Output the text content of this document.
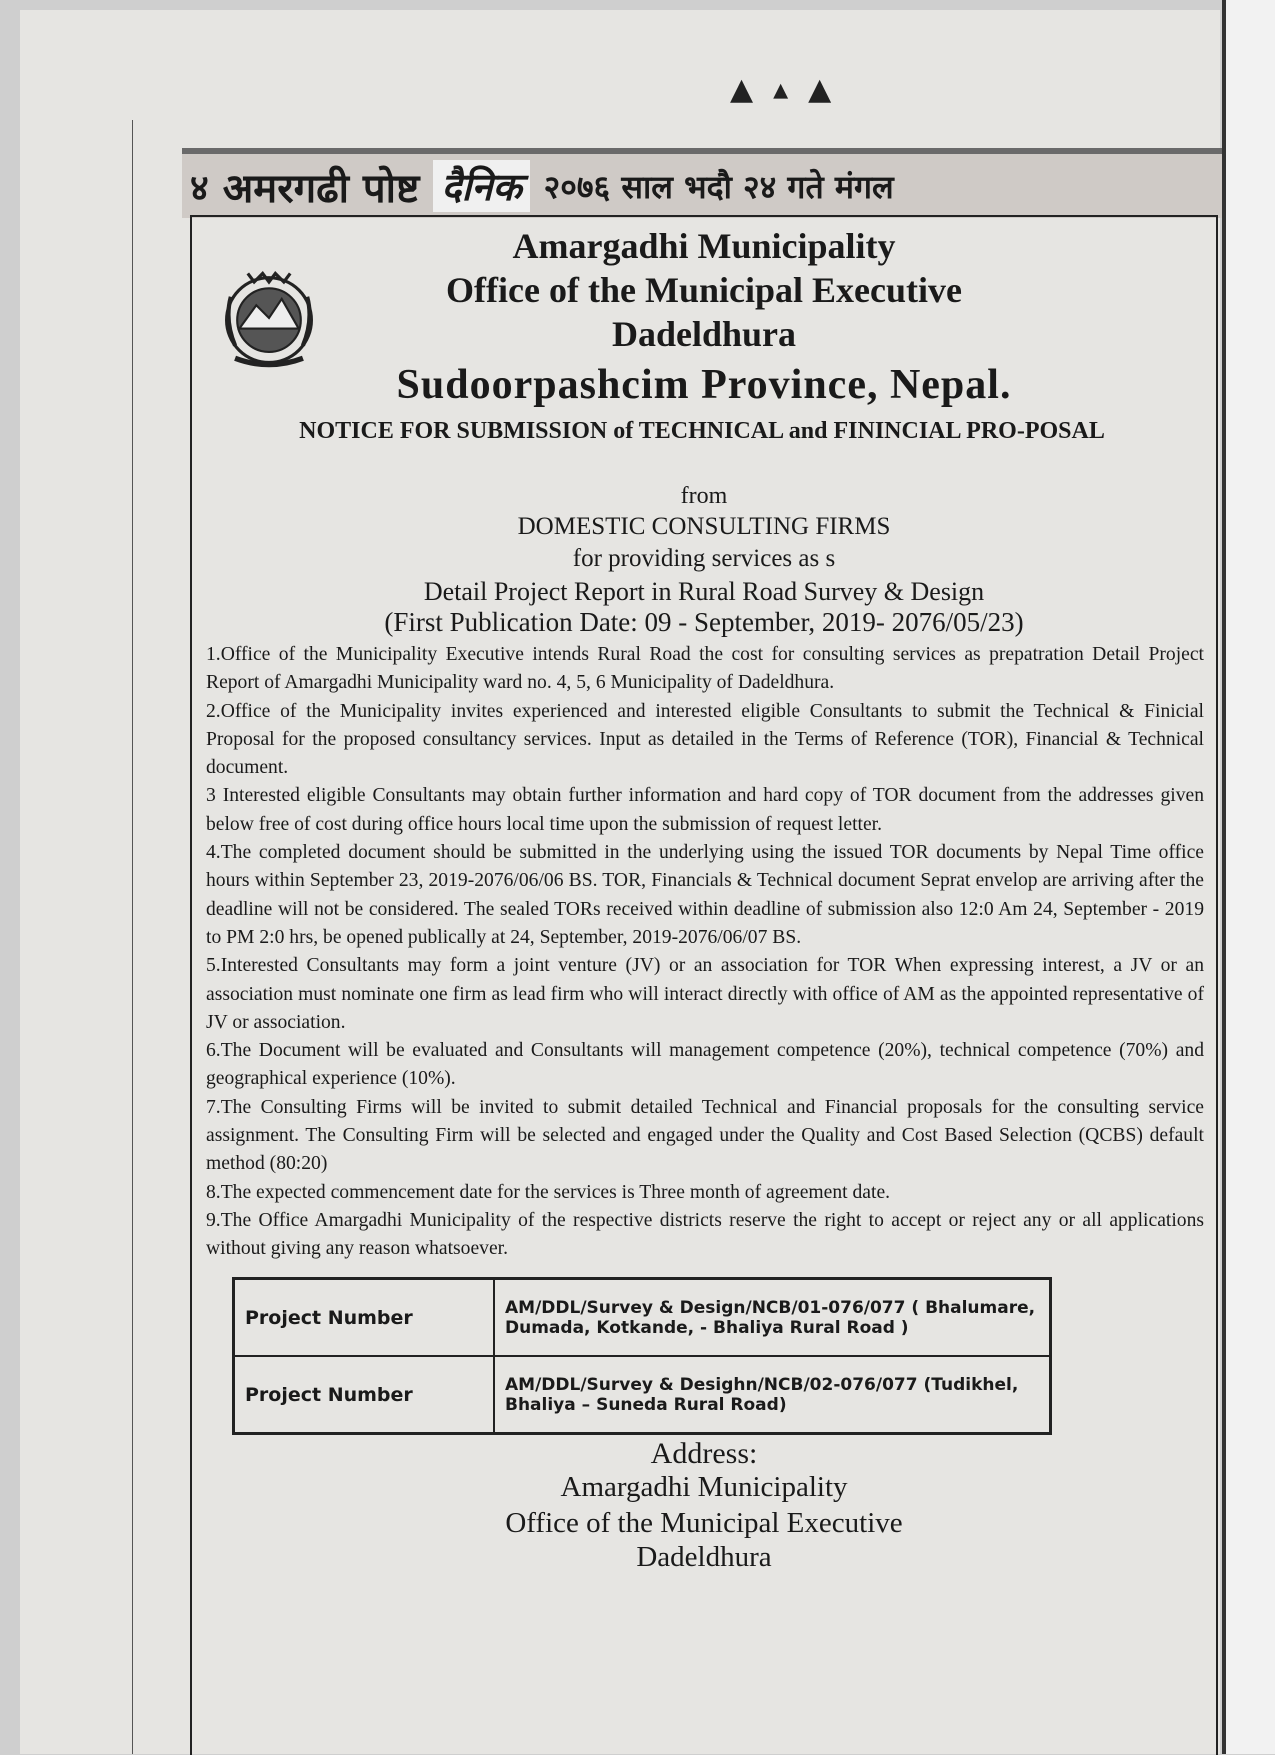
▲▴▲
४ अमरगढी पोष्ट दैनिक २०७६ साल भदौ २४ गते मंगल
Amargadhi Municipality
Office of the Municipal Executive
Dadeldhura
Sudoorpashcim Province, Nepal.
NOTICE FOR SUBMISSION of TECHNICAL and FININCIAL PRO-POSAL
from
DOMESTIC CONSULTING FIRMS
for providing services as s
Detail Project Report in Rural Road Survey & Design
(First Publication Date: 09 - September, 2019- 2076/05/23)

1.Office of the Municipality Executive intends Rural Road the cost for consulting services as prepatration Detail Project Report of Amargadhi Municipality ward no. 4, 5, 6 Municipality of Dadeldhura.

2.Office of the Municipality invites experienced and interested eligible Consultants to submit the Technical & Finicial Proposal for the proposed consultancy services. Input as detailed in the Terms of Reference (TOR), Financial & Technical document.

3 Interested eligible Consultants may obtain further information and hard copy of TOR document from the addresses given below free of cost during office hours local time upon the submission of request letter.

4.The completed document should be submitted in the underlying using the issued TOR documents by Nepal Time office hours within September 23, 2019-2076/06/06 BS. TOR, Financials & Technical document Seprat envelop are arriving after the deadline will not be considered. The sealed TORs received within deadline of submission also 12:0 Am 24, September - 2019 to PM 2:0 hrs, be opened publically at 24, September, 2019-2076/06/07 BS.

5.Interested Consultants may form a joint venture (JV) or an association for TOR When expressing interest, a JV or an association must nominate one firm as lead firm who will interact directly with office of AM as the appointed representative of JV or association.

6.The Document will be evaluated and Consultants will management competence (20%), technical competence (70%) and geographical experience (10%).

7.The Consulting Firms will be invited to submit detailed Technical and Financial proposals for the consulting service assignment. The Consulting Firm will be selected and engaged under the Quality and Cost Based Selection (QCBS) default method (80:20)

8.The expected commencement date for the services is Three month of agreement date.

9.The Office Amargadhi Municipality of the respective districts reserve the right to accept or reject any or all applications without giving any reason whatsoever.

Project Number	AM/DDL/Survey & Design/NCB/01-076/077 ( Bhalumare, Dumada, Kotkande, - Bhaliya Rural Road )
Project Number	AM/DDL/Survey & Desighn/NCB/02-076/077 (Tudikhel, Bhaliya – Suneda Rural Road)
Address:
Amargadhi Municipality
Office of the Municipal Executive
Dadeldhura
